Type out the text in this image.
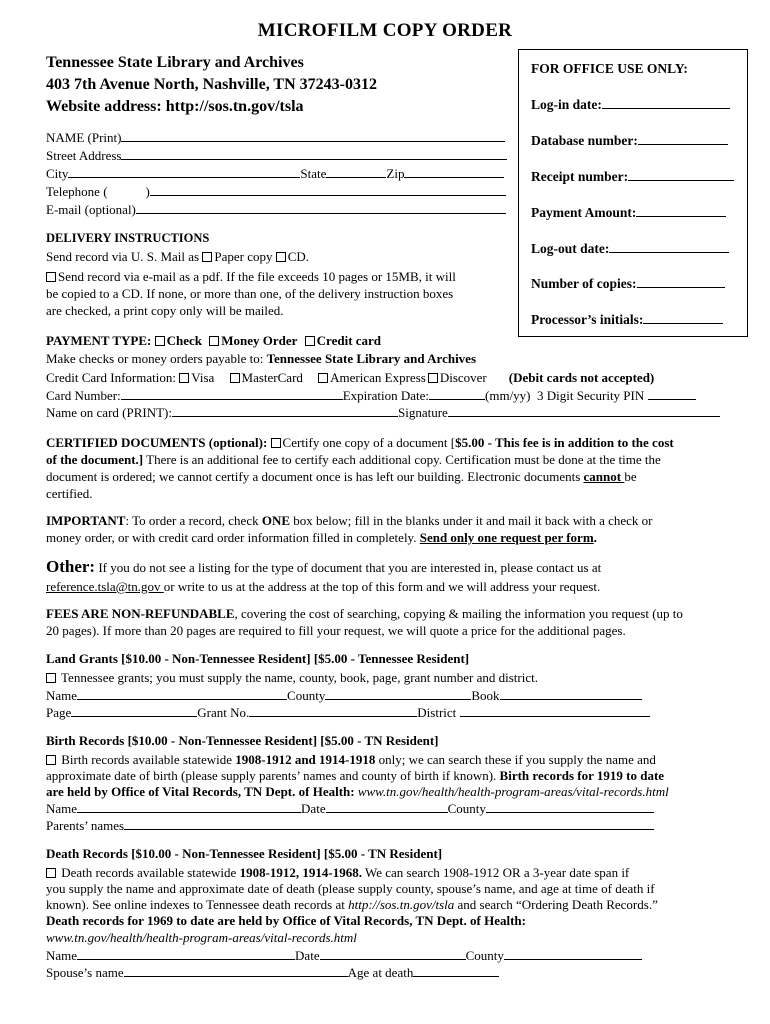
MICROFILM COPY ORDER
Tennessee State Library and Archives
403 7th Avenue North, Nashville, TN 37243-0312
Website address: http://sos.tn.gov/tsla
FOR OFFICE USE ONLY:
Log-in date:
Database number:
Receipt number:
Payment Amount:
Log-out date:
Number of copies:
Processor’s initials:
NAME (Print)
Street Address
City	State	Zip
Telephone (	)
E-mail (optional)
DELIVERY INSTRUCTIONS
Send record via U. S. Mail as Paper copy CD.
Send record via e-mail as a pdf. If the file exceeds 10 pages or 15MB, it will
be copied to a CD. If none, or more than one, of the delivery instruction boxes
are checked, a print copy only will be mailed.
PAYMENT TYPE: Check Money Order Credit card
Make checks or money orders payable to: Tennessee State Library and Archives
Credit Card Information: Visa MasterCard American Express Discover (Debit cards not accepted)
Card Number:	Expiration Date:	(mm/yy) 3 Digit Security PIN
Name on card (PRINT):	Signature
CERTIFIED DOCUMENTS (optional): Certify one copy of a document [$5.00 - This fee is in addition to the cost
of the document.] There is an additional fee to certify each additional copy. Certification must be done at the time the
document is ordered; we cannot certify a document once is has left our building. Electronic documents cannot be
certified.
IMPORTANT: To order a record, check ONE box below; fill in the blanks under it and mail it back with a check or
money order, or with credit card order information filled in completely. Send only one request per form.
Other: If you do not see a listing for the type of document that you are interested in, please contact us at
reference.tsla@tn.gov or write to us at the address at the top of this form and we will address your request.
FEES ARE NON-REFUNDABLE, covering the cost of searching, copying & mailing the information you request (up to
20 pages). If more than 20 pages are required to fill your request, we will quote a price for the additional pages.
Land Grants [$10.00 - Non-Tennessee Resident] [$5.00 - Tennessee Resident]
Tennessee grants; you must supply the name, county, book, page, grant number and district.
Name	County	Book
Page	Grant No.	District
Birth Records [$10.00 - Non-Tennessee Resident] [$5.00 - TN Resident]
Birth records available statewide 1908-1912 and 1914-1918 only; we can search these if you supply the name and
approximate date of birth (please supply parents’ names and county of birth if known). Birth records for 1919 to date
are held by Office of Vital Records, TN Dept. of Health: www.tn.gov/health/health-program-areas/vital-records.html
Name	Date	County
Parents’ names
Death Records [$10.00 - Non-Tennessee Resident] [$5.00 - TN Resident]
Death records available statewide 1908-1912, 1914-1968. We can search 1908-1912 OR a 3-year date span if
you supply the name and approximate date of death (please supply county, spouse’s name, and age at time of death if
known). See online indexes to Tennessee death records at http://sos.tn.gov/tsla and search “Ordering Death Records.”
Death records for 1969 to date are held by Office of Vital Records, TN Dept. of Health:
www.tn.gov/health/health-program-areas/vital-records.html
Name	Date	County
Spouse’s name	Age at death
